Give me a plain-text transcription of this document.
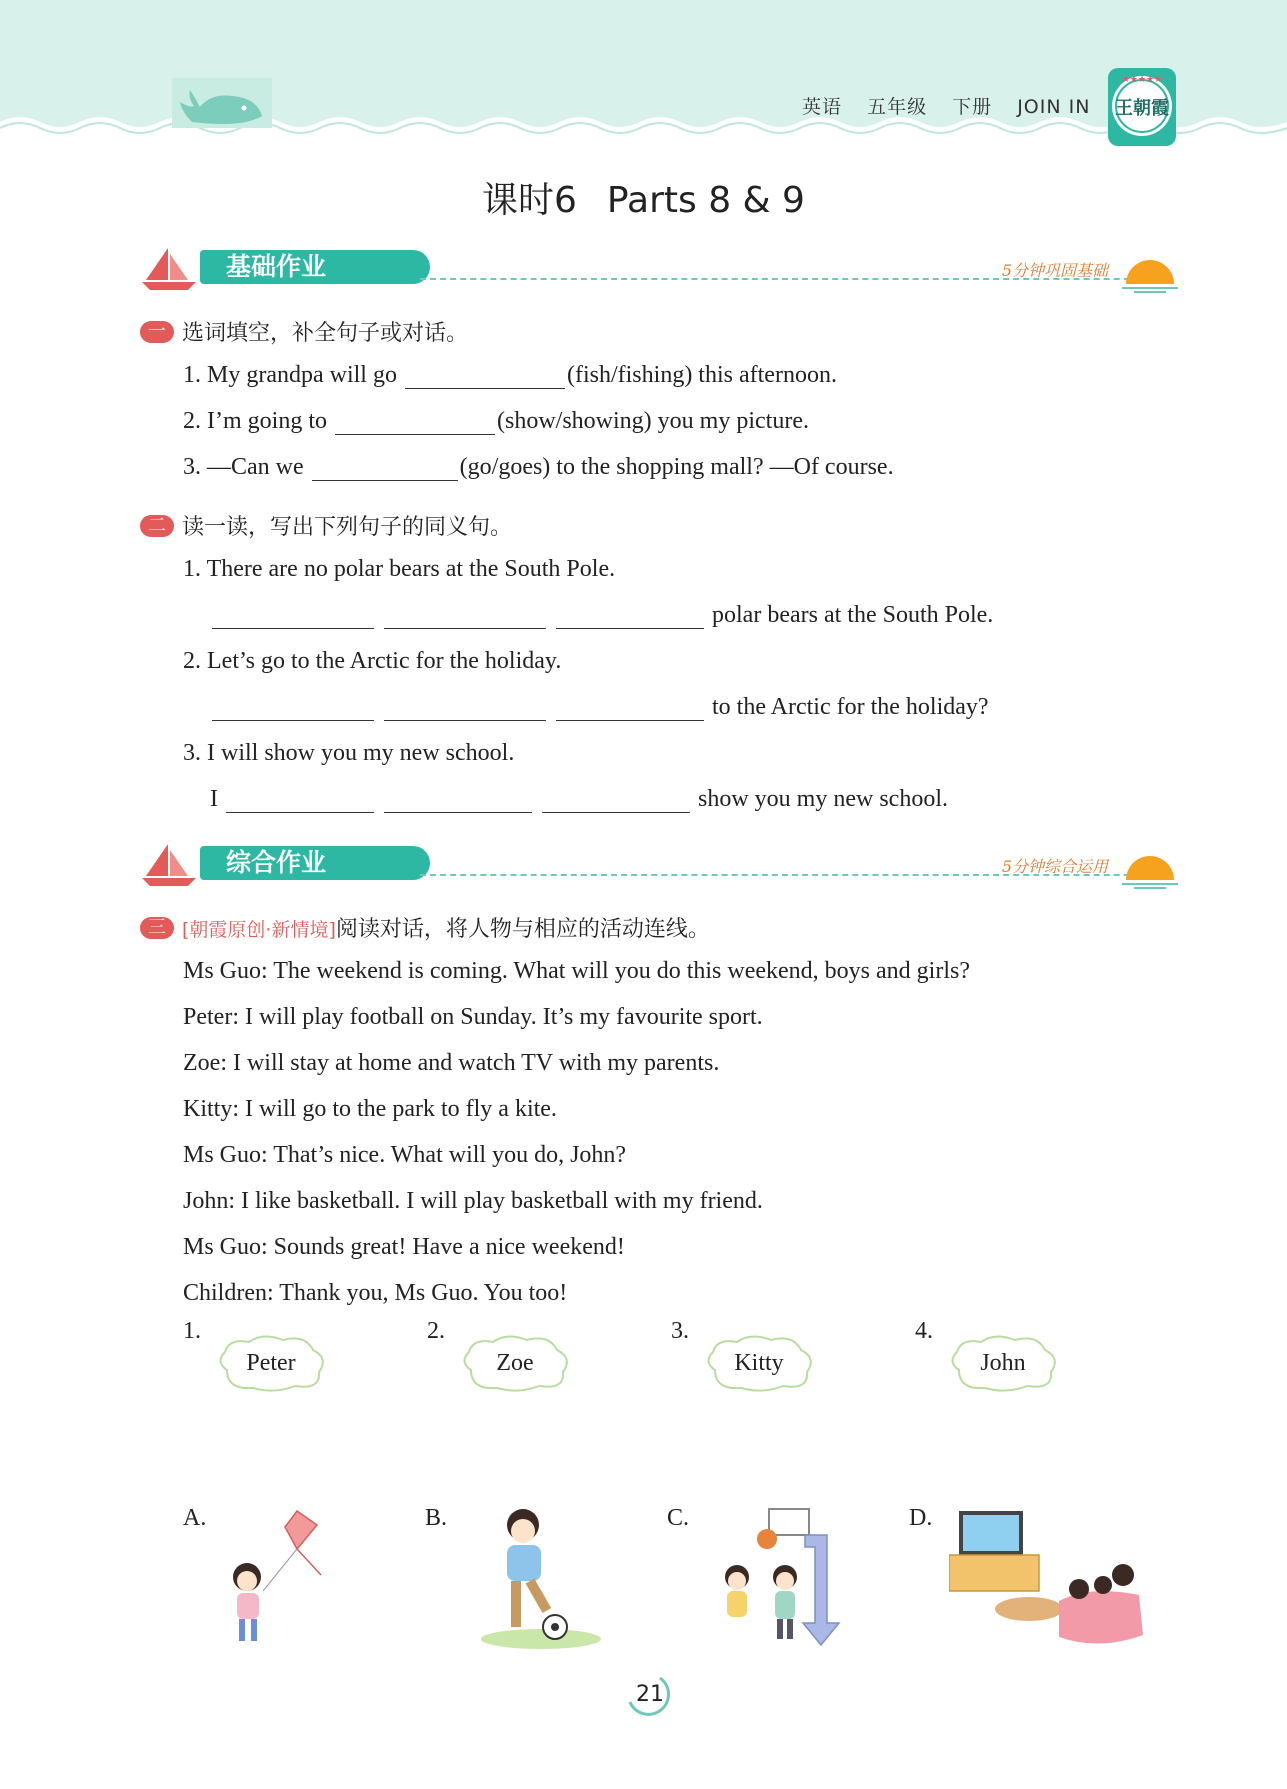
英语 五年级 下册 JOIN IN
★★★★★
王朝霞
课时6 Parts 8 & 9
基础作业	5分钟巩固基础
一 选词填空，补全句子或对话。
1. My grandpa will go	(fish/fishing) this afternoon.
2. I’m going to	(show/showing) you my picture.
3. —Can we	(go/goes) to the shopping mall? —Of course.
二 读一读，写出下列句子的同义句。
1. There are no polar bears at the South Pole.
polar bears at the South Pole.
2. Let’s go to the Arctic for the holiday.
to the Arctic for the holiday?
3. I will show you my new school.
I	show you my new school.
综合作业	5分钟综合运用
三 [朝霞原创·新情境]阅读对话，将人物与相应的活动连线。
Ms Guo: The weekend is coming. What will you do this weekend, boys and girls?
Peter: I will play football on Sunday. It’s my favourite sport.
Zoe: I will stay at home and watch TV with my parents.
Kitty: I will go to the park to fly a kite.
Ms Guo: That’s nice. What will you do, John?
John: I like basketball. I will play basketball with my friend.
Ms Guo: Sounds great! Have a nice weekend!
Children: Thank you, Ms Guo. You too!
1.
Peter
2.
Zoe
3.
Kitty
4.
John
A.	B.	C.	D.
21
